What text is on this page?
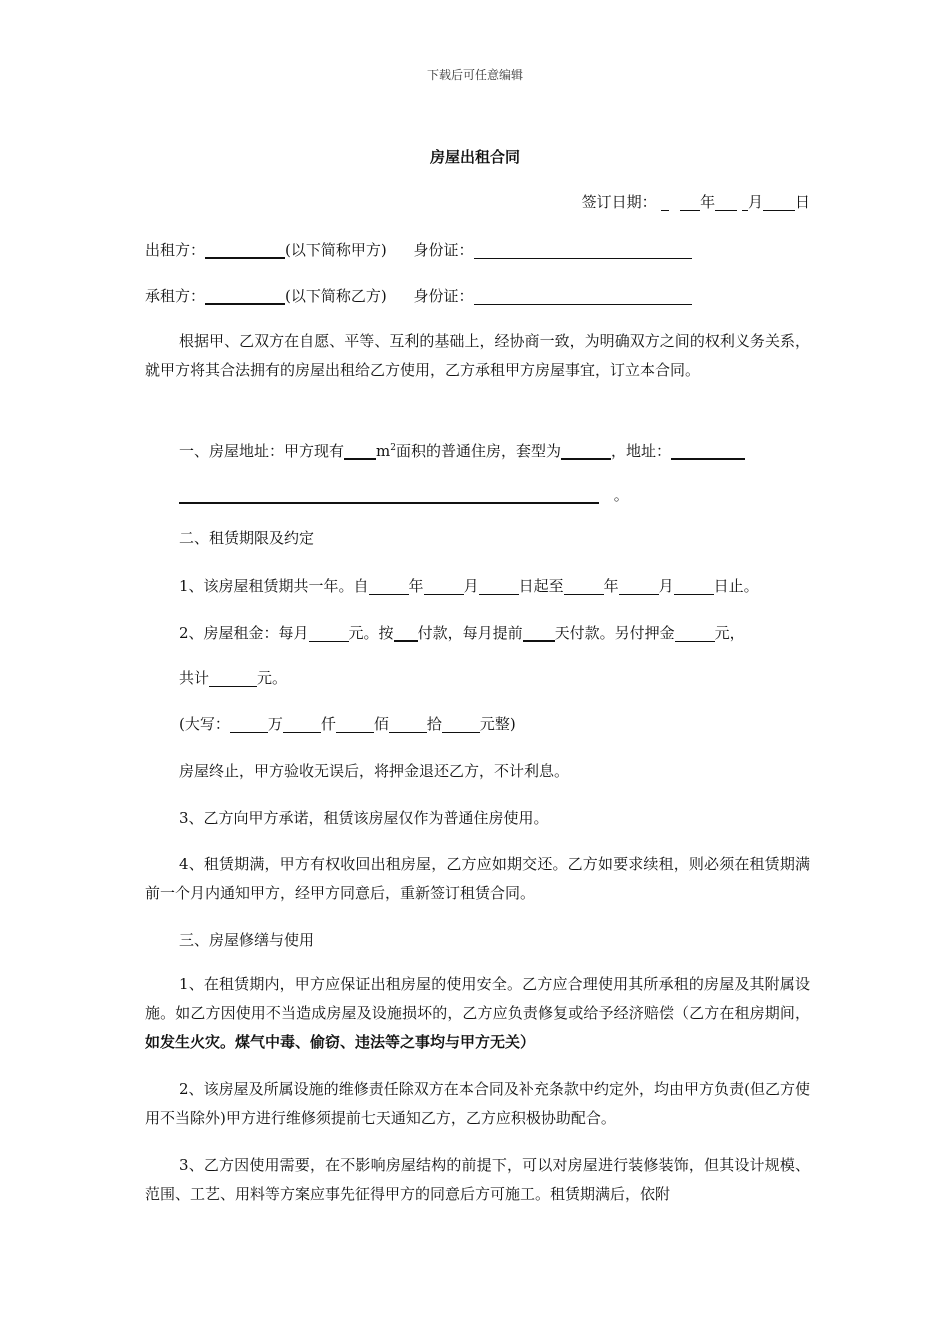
下载后可任意编辑
房屋出租合同
签订日期：	年 月 日
出租方：	(以下简称甲方) 身份证：
承租方：	(以下简称乙方) 身份证：
根据甲、乙双方在自愿、平等、互利的基础上，经协商一致，为明确双方之间的权利义务关系，就甲方将其合法拥有的房屋出租给乙方使用，乙方承租甲方房屋事宜，订立本合同。
一、房屋地址：甲方现有 $m^2$面积的普通住房，套型为	，地址：
。
二、租赁期限及约定
1、该房屋租赁期共一年。自	年	月	日起至	年	月	日止。
2、房屋租金：每月	元。按 付款，每月提前 天付款。另付押金	元，
共计	元。
(大写：	万	仟	佰	拾	元整)
房屋终止，甲方验收无误后，将押金退还乙方，不计利息。
3、乙方向甲方承诺，租赁该房屋仅作为普通住房使用。
4、租赁期满，甲方有权收回出租房屋，乙方应如期交还。乙方如要求续租，则必须在租赁期满前一个月内通知甲方，经甲方同意后，重新签订租赁合同。
三、房屋修缮与使用
1、在租赁期内，甲方应保证出租房屋的使用安全。乙方应合理使用其所承租的房屋及其附属设施。如乙方因使用不当造成房屋及设施损坏的，乙方应负责修复或给予经济赔偿（乙方在租房期间，如发生火灾。煤气中毒、偷窃、违法等之事均与甲方无关）
2、该房屋及所属设施的维修责任除双方在本合同及补充条款中约定外，均由甲方负责(但乙方使用不当除外)甲方进行维修须提前七天通知乙方，乙方应积极协助配合。
3、乙方因使用需要，在不影响房屋结构的前提下，可以对房屋进行装修装饰，但其设计规模、范围、工艺、用料等方案应事先征得甲方的同意后方可施工。租赁期满后，依附
